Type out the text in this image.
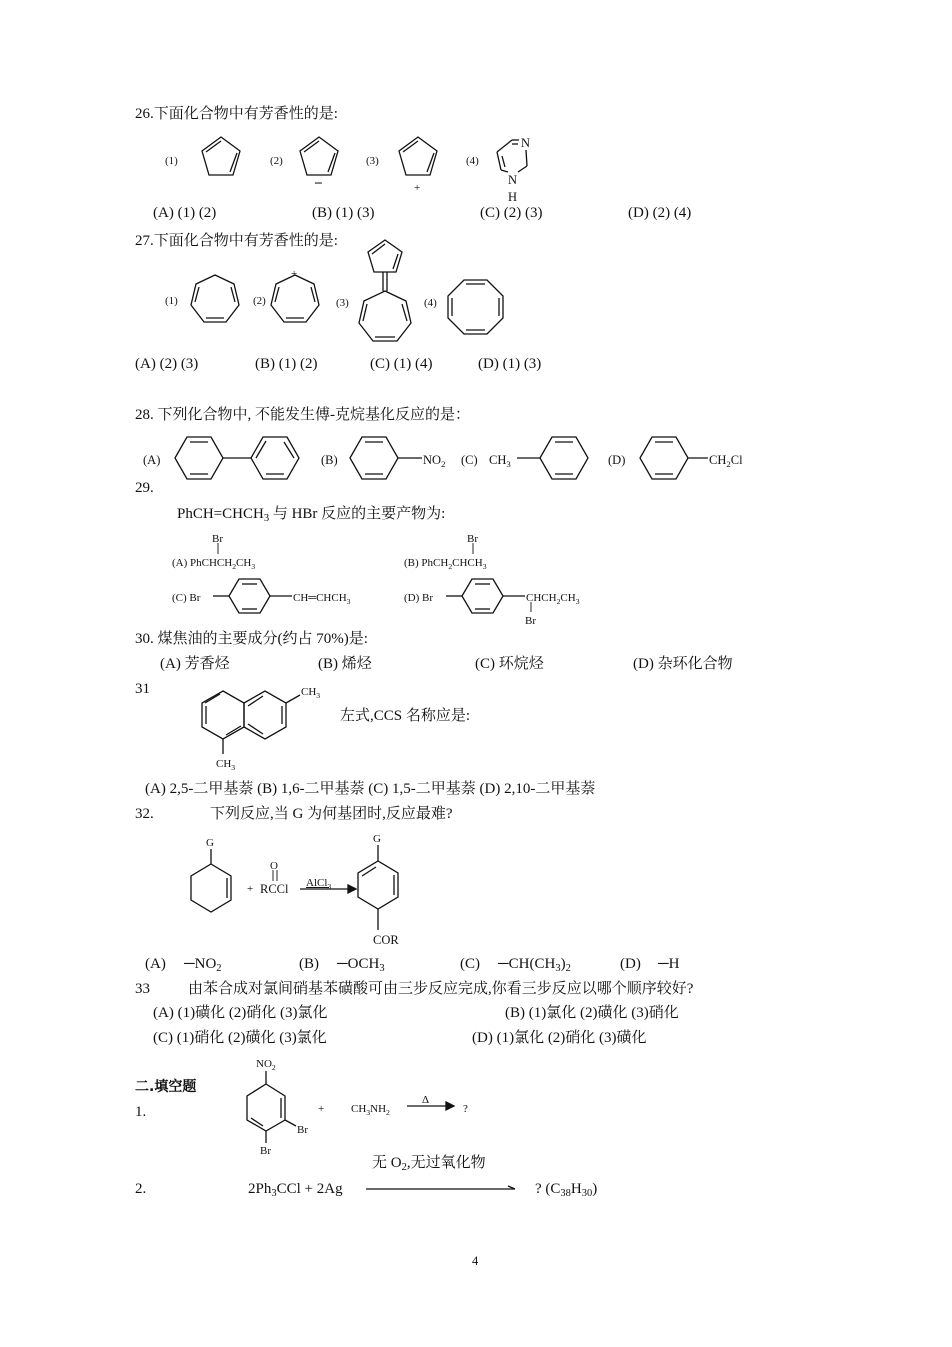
26.下面化合物中有芳香性的是:
(1)	(2)
−
(3)
+
(4)
N
N
H
(A) (1) (2)	(B) (1) (3)	(C) (2) (3)	(D) (2) (4)
27.下面化合物中有芳香性的是:
(1)	(2)
+
(3)	(4)
(A) (2) (3)	(B) (1) (2)	(C) (1) (4)	(D) (1) (3)
28. 下列化合物中, 不能发生傅-克烷基化反应的是：
(A)	(B)	$NO_2$ (C) $CH_3$	(D)	$CH_2Cl$
29.
$PhCH=CHCH_3$ 与 HBr 反应的主要产物为:
Br
(A) $PhCHCH_2CH_3$
Br
(B) $PhCH_2CHCH_3$
(C) Br	$CH═CHCH_3$	(D) Br	$CHCH_2CH_3$
Br
30. 煤焦油的主要成分(约占 70%)是:
(A) 芳香烃	(B) 烯烃	(C) 环烷烃	(D) 杂环化合物
31	$CH_3$
$CH_3$
左式,CCS 名称应是:
(A) 2,5-二甲基萘 (B) 1,6-二甲基萘 (C) 1,5-二甲基萘 (D) 2,10-二甲基萘
32.	下列反应,当 G 为何基团时,反应最难?
G
+
O
RCCl AlCl$_3$
G
COR
(A) $─NO_2$	(B) $─OCH_3$	(C) $─CH(CH_3)_2$	(D) ─H
33	由苯合成对氯间硝基苯磺酸可由三步反应完成,你看三步反应以哪个顺序较好?
(A) (1)磺化 (2)硝化 (3)氯化	(B) (1)氯化 (2)磺化 (3)硝化
(C) (1)硝化 (2)磺化 (3)氯化	(D) (1)氯化 (2)硝化 (3)磺化
二.填空题
1.
$NO_2$
Br
Br
+ $CH_3NH_2$
Δ
?
无 $O_2$,无过氧化物
2.	$2Ph_3CCl + 2Ag$	? $(C_{38}H_{30})$
4
